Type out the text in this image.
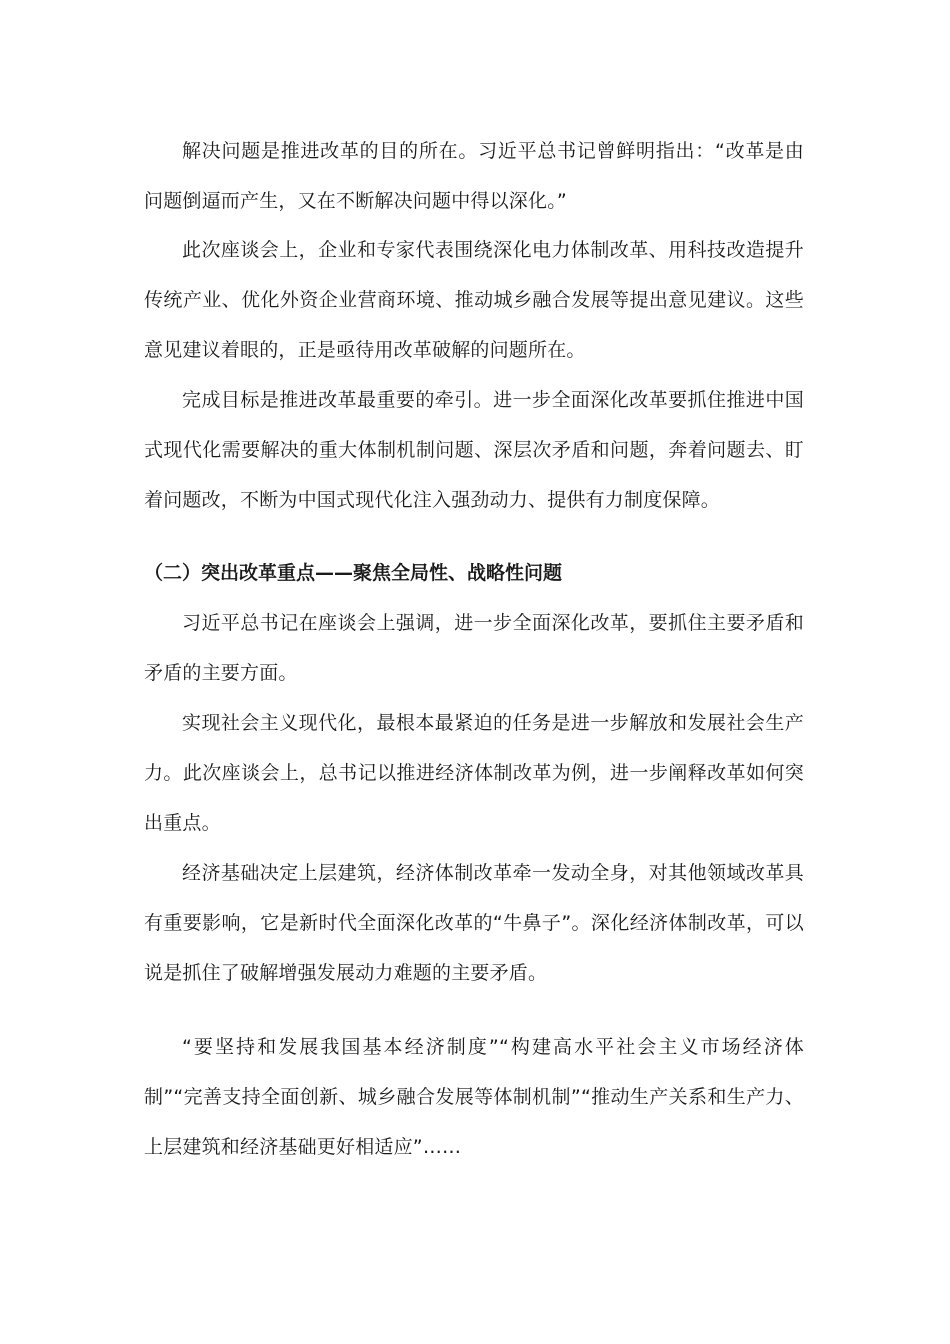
解决问题是推进改革的目的所在。习近平总书记曾鲜明指出：“改革是由问题倒逼而产生，又在不断解决问题中得以深化。”

此次座谈会上，企业和专家代表围绕深化电力体制改革、用科技改造提升传统产业、优化外资企业营商环境、推动城乡融合发展等提出意见建议。这些意见建议着眼的，正是亟待用改革破解的问题所在。

完成目标是推进改革最重要的牵引。进一步全面深化改革要抓住推进中国式现代化需要解决的重大体制机制问题、深层次矛盾和问题，奔着问题去、盯着问题改，不断为中国式现代化注入强劲动力、提供有力制度保障。

（二）突出改革重点——聚焦全局性、战略性问题

习近平总书记在座谈会上强调，进一步全面深化改革，要抓住主要矛盾和矛盾的主要方面。

实现社会主义现代化，最根本最紧迫的任务是进一步解放和发展社会生产力。此次座谈会上，总书记以推进经济体制改革为例，进一步阐释改革如何突出重点。

经济基础决定上层建筑，经济体制改革牵一发动全身，对其他领域改革具有重要影响，它是新时代全面深化改革的“牛鼻子”。深化经济体制改革，可以说是抓住了破解增强发展动力难题的主要矛盾。

“要坚持和发展我国基本经济制度”“构建高水平社会主义市场经济体制”“完善支持全面创新、城乡融合发展等体制机制”“推动生产关系和生产力、上层建筑和经济基础更好相适应”……
